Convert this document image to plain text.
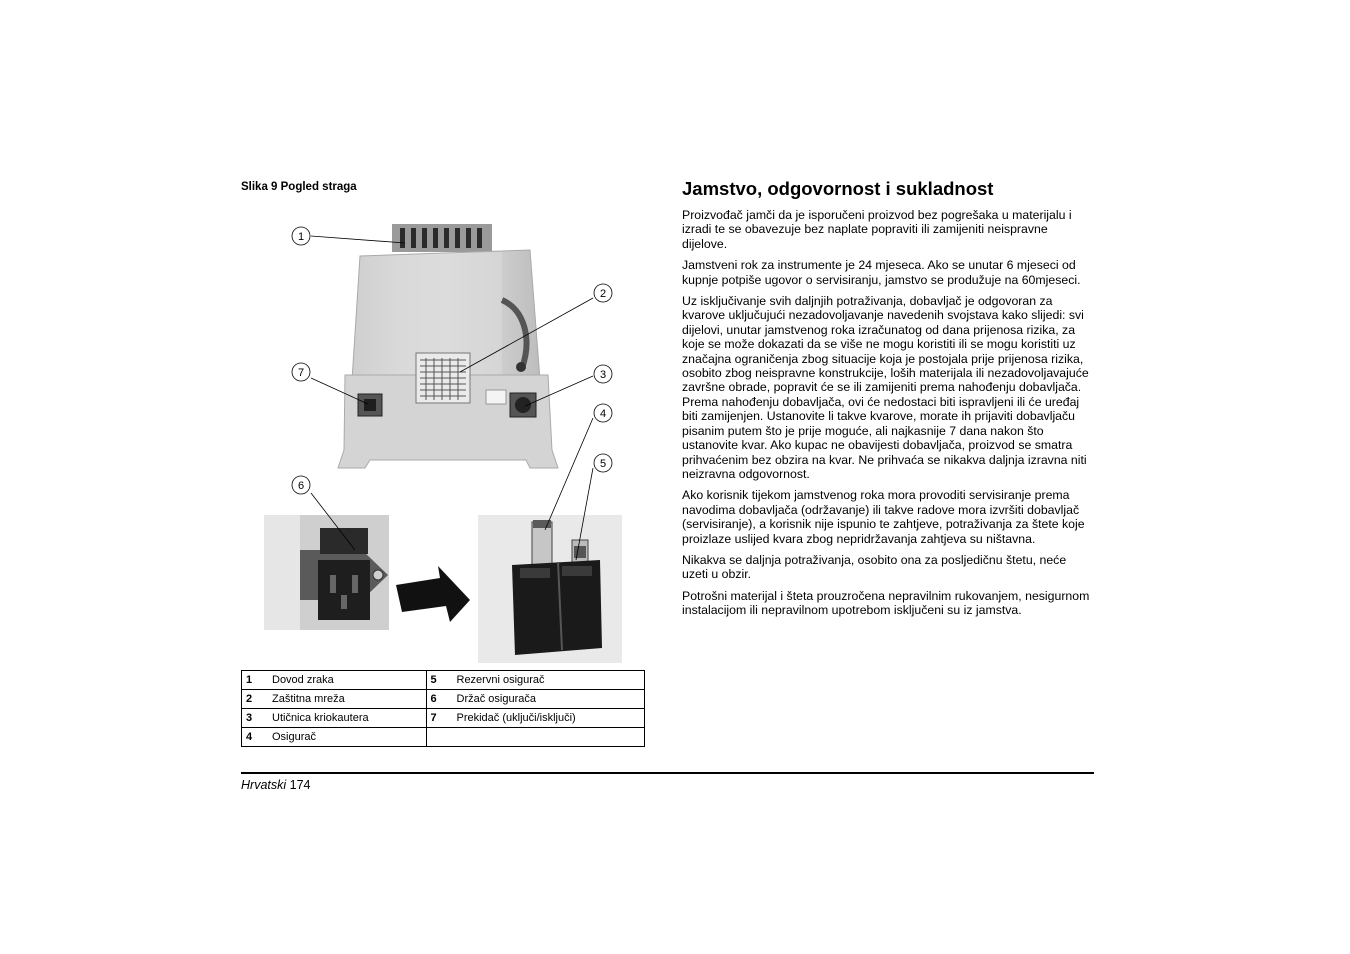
Slika 9 Pogled straga
1
2
3
4
5
6
7
1	Dovod zraka	5	Rezervni osigurač
2	Zaštitna mreža	6	Držač osigurača
3	Utičnica kriokautera	7	Prekidač (uključi/isključi)
4	Osigurač		
Jamstvo, odgovornost i sukladnost

Proizvođač jamči da je isporučeni proizvod bez pogrešaka u materijalu i izradi te se obavezuje bez naplate popraviti ili zamijeniti neispravne dijelove.

Jamstveni rok za instrumente je 24 mjeseca. Ako se unutar 6 mjeseci od kupnje potpiše ugovor o servisiranju, jamstvo se produžuje na 60mjeseci.

Uz isključivanje svih daljnjih potraživanja, dobavljač je odgovoran za kvarove uključujući nezadovoljavanje navedenih svojstava kako slijedi: svi dijelovi, unutar jamstvenog roka izračunatog od dana prijenosa rizika, za koje se može dokazati da se više ne mogu koristiti ili se mogu koristiti uz značajna ograničenja zbog situacije koja je postojala prije prijenosa rizika, osobito zbog neispravne konstrukcije, loših materijala ili nezadovoljavajuće završne obrade, popravit će se ili zamijeniti prema nahođenju dobavljača. Prema nahođenju dobavljača, ovi će nedostaci biti ispravljeni ili će uređaj biti zamijenjen. Ustanovite li takve kvarove, morate ih prijaviti dobavljaču pisanim putem što je prije moguće, ali najkasnije 7 dana nakon što ustanovite kvar. Ako kupac ne obavijesti dobavljača, proizvod se smatra prihvaćenim bez obzira na kvar. Ne prihvaća se nikakva daljnja izravna niti neizravna odgovornost.

Ako korisnik tijekom jamstvenog roka mora provoditi servisiranje prema navodima dobavljača (održavanje) ili takve radove mora izvršiti dobavljač (servisiranje), a korisnik nije ispunio te zahtjeve, potraživanja za štete koje proizlaze uslijed kvara zbog nepridržavanja zahtjeva su ništavna.

Nikakva se daljnja potraživanja, osobito ona za posljedičnu štetu, neće uzeti u obzir.

Potrošni materijal i šteta prouzročena nepravilnim rukovanjem, nesigurnom instalacijom ili nepravilnom upotrebom isključeni su iz jamstva.

Hrvatski 174
